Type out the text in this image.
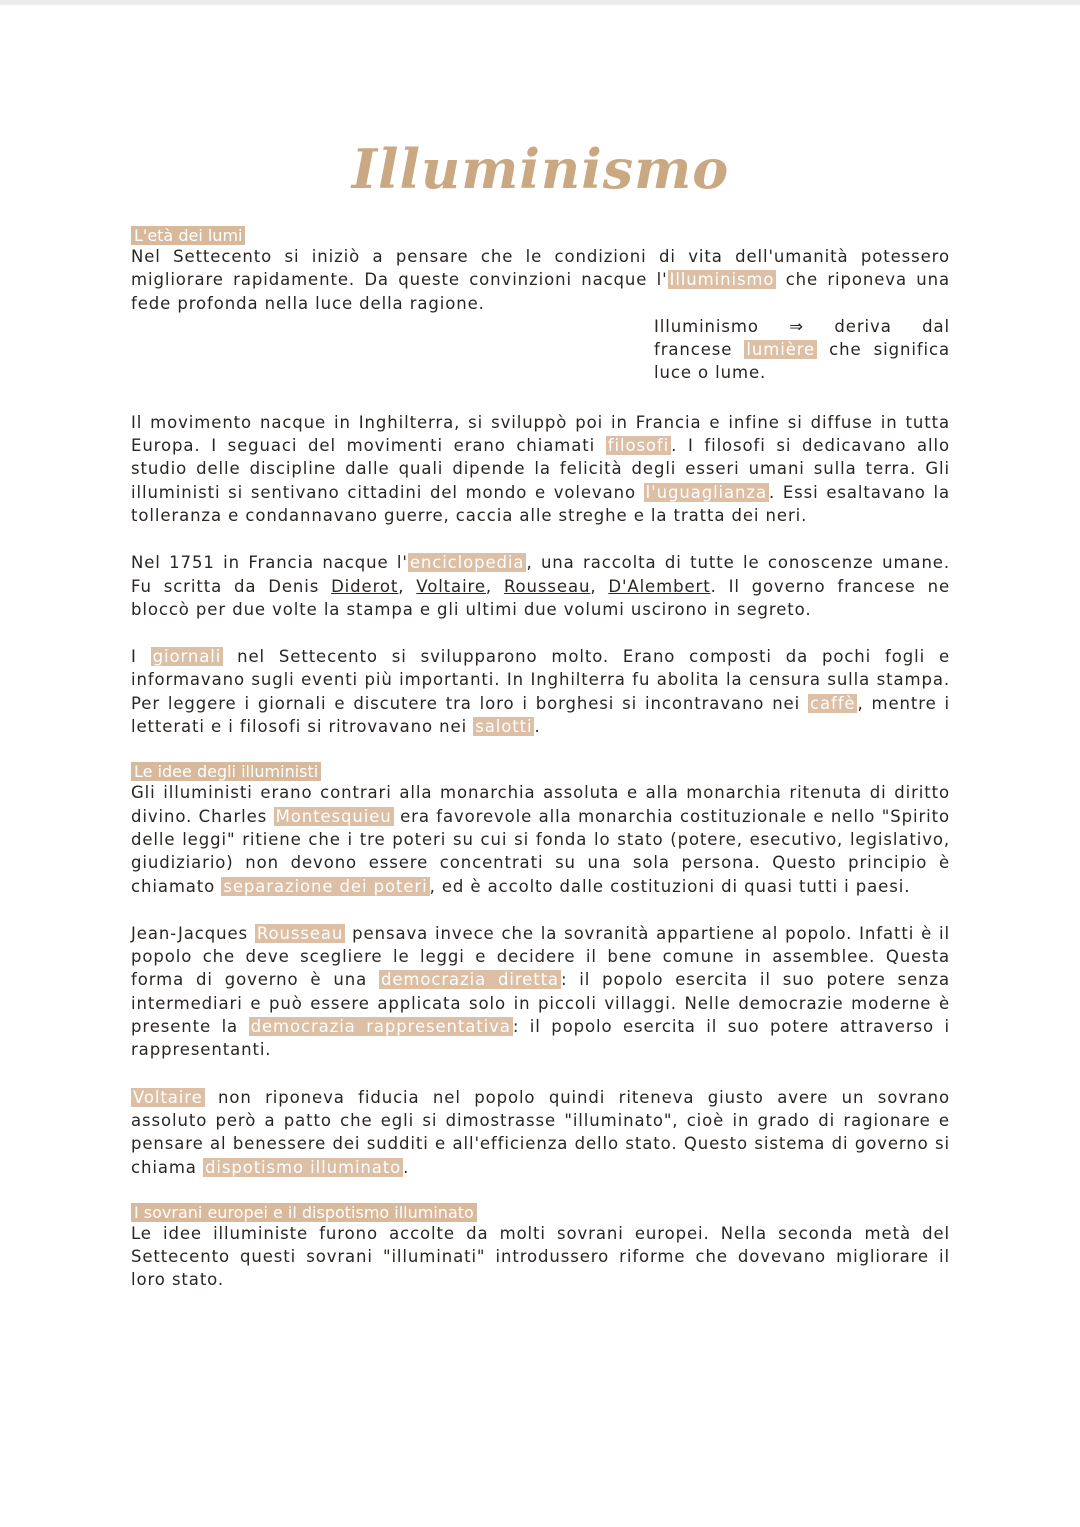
Illuminismo
L'età dei lumi

Nel Settecento si iniziò a pensare che le condizioni di vita dell'umanità potessero migliorare rapidamente. Da queste convinzioni nacque l' Illuminismo che riponeva una fede profonda nella luce della ragione.

Illuminismo ⇒ deriva dal francese lumière che significa luce o lume.

Il movimento nacque in Inghilterra, si sviluppò poi in Francia e infine si diffuse in tutta Europa. I seguaci del movimenti erano chiamati filosofi . I filosofi si dedicavano allo studio delle discipline dalle quali dipende la felicità degli esseri umani sulla terra. Gli illuministi si sentivano cittadini del mondo e volevano l'uguaglianza . Essi esaltavano la tolleranza e condannavano guerre, caccia alle streghe e la tratta dei neri.

Nel 1751 in Francia nacque l' enciclopedia , una raccolta di tutte le conoscenze umane. Fu scritta da Denis Diderot, Voltaire, Rousseau, D'Alembert. Il governo francese ne bloccò per due volte la stampa e gli ultimi due volumi uscirono in segreto.

I giornali nel Settecento si svilupparono molto. Erano composti da pochi fogli e informavano sugli eventi più importanti. In Inghilterra fu abolita la censura sulla stampa. Per leggere i giornali e discutere tra loro i borghesi si incontravano nei caffè , mentre i letterati e i filosofi si ritrovavano nei salotti .

Le idee degli illuministi

Gli illuministi erano contrari alla monarchia assoluta e alla monarchia ritenuta di diritto divino. Charles Montesquieu era favorevole alla monarchia costituzionale e nello "Spirito delle leggi" ritiene che i tre poteri su cui si fonda lo stato (potere, esecutivo, legislativo, giudiziario) non devono essere concentrati su una sola persona. Questo principio è chiamato separazione dei poteri , ed è accolto dalle costituzioni di quasi tutti i paesi.

Jean-Jacques Rousseau pensava invece che la sovranità appartiene al popolo. Infatti è il popolo che deve scegliere le leggi e decidere il bene comune in assemblee. Questa forma di governo è una democrazia diretta : il popolo esercita il suo potere senza intermediari e può essere applicata solo in piccoli villaggi. Nelle democrazie moderne è presente la democrazia rappresentativa : il popolo esercita il suo potere attraverso i rappresentanti.

Voltaire non riponeva fiducia nel popolo quindi riteneva giusto avere un sovrano assoluto però a patto che egli si dimostrasse "illuminato", cioè in grado di ragionare e pensare al benessere dei sudditi e all'efficienza dello stato. Questo sistema di governo si chiama dispotismo illuminato .

I sovrani europei e il dispotismo illuminato

Le idee illuministe furono accolte da molti sovrani europei. Nella seconda metà del Settecento questi sovrani "illuminati" introdussero riforme che dovevano migliorare il loro stato.
